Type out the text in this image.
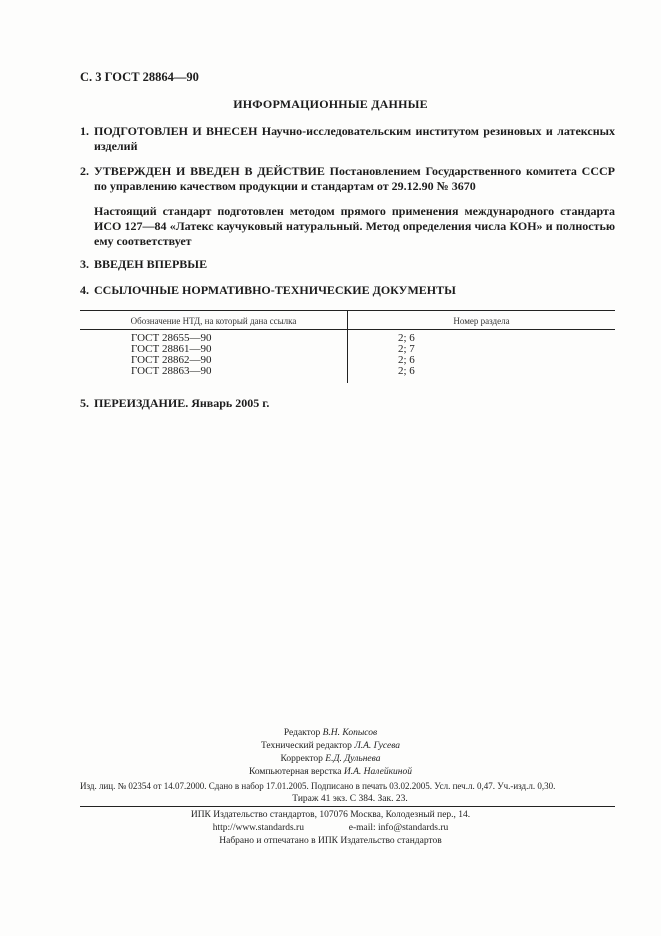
С. 3 ГОСТ 28864—90
ИНФОРМАЦИОННЫЕ ДАННЫЕ
1. ПОДГОТОВЛЕН И ВНЕСЕН Научно-исследовательским институтом резиновых и латексных изделий
2. УТВЕРЖДЕН И ВВЕДЕН В ДЕЙСТВИЕ Постановлением Государственного комитета СССР по управлению качеством продукции и стандартам от 29.12.90 № 3670
Настоящий стандарт подготовлен методом прямого применения международного стандарта ИСО 127—84 «Латекс каучуковый натуральный. Метод определения числа КОН» и полностью ему соответствует
3. ВВЕДЕН ВПЕРВЫЕ
4. ССЫЛОЧНЫЕ НОРМАТИВНО-ТЕХНИЧЕСКИЕ ДОКУМЕНТЫ
Обозначение НТД, на который дана ссылка	Номер раздела
ГОСТ 28655—90	2; 6
ГОСТ 28861—90	2; 7
ГОСТ 28862—90	2; 6
ГОСТ 28863—90	2; 6
5. ПЕРЕИЗДАНИЕ. Январь 2005 г.
Редактор В.Н. Копысов
Технический редактор Л.А. Гусева
Корректор Е.Д. Дульнева
Компьютерная верстка И.А. Налейкиной
Изд. лиц. № 02354 от 14.07.2000. Сдано в набор 17.01.2005. Подписано в печать 03.02.2005. Усл. печ.л. 0,47. Уч.-изд.л. 0,30.
Тираж 41 экз. С 384. Зак. 23.
ИПК Издательство стандартов, 107076 Москва, Колодезный пер., 14.
http://www.standards.ru	e-mail: info@standards.ru
Набрано и отпечатано в ИПК Издательство стандартов
